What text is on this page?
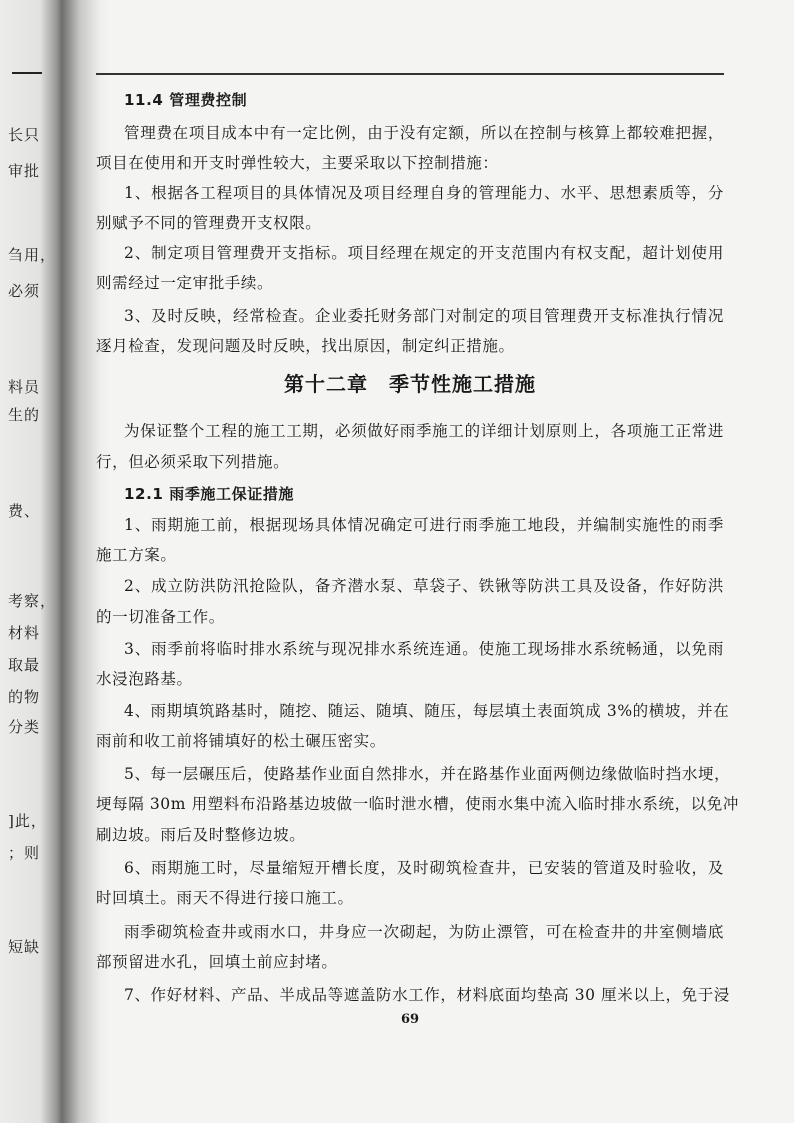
长只
审批
刍用，
必须
料员
生的
费、
考察，
材料
取最
的物
分类
]此，
；则
短缺
11.4 管理费控制
管理费在项目成本中有一定比例，由于没有定额，所以在控制与核算上都较难把握，
项目在使用和开支时弹性较大，主要采取以下控制措施：
1、根据各工程项目的具体情况及项目经理自身的管理能力、水平、思想素质等，分
别赋予不同的管理费开支权限。
2、制定项目管理费开支指标。项目经理在规定的开支范围内有权支配，超计划使用
则需经过一定审批手续。
3、及时反映，经常检查。企业委托财务部门对制定的项目管理费开支标准执行情况
逐月检查，发现问题及时反映，找出原因，制定纠正措施。
第十二章　季节性施工措施
为保证整个工程的施工工期，必须做好雨季施工的详细计划原则上，各项施工正常进
行，但必须采取下列措施。
12.1 雨季施工保证措施
1、雨期施工前，根据现场具体情况确定可进行雨季施工地段，并编制实施性的雨季
施工方案。
2、成立防洪防汛抢险队，备齐潜水泵、草袋子、铁锹等防洪工具及设备，作好防洪
的一切准备工作。
3、雨季前将临时排水系统与现况排水系统连通。使施工现场排水系统畅通，以免雨
水浸泡路基。
4、雨期填筑路基时，随挖、随运、随填、随压，每层填土表面筑成 3%的横坡，并在
雨前和收工前将铺填好的松土碾压密实。
5、每一层碾压后，使路基作业面自然排水，并在路基作业面两侧边缘做临时挡水埂，
埂每隔 30m 用塑料布沿路基边坡做一临时泄水槽，使雨水集中流入临时排水系统，以免冲
刷边坡。雨后及时整修边坡。
6、雨期施工时，尽量缩短开槽长度，及时砌筑检查井，已安装的管道及时验收，及
时回填土。雨天不得进行接口施工。
雨季砌筑检查井或雨水口，井身应一次砌起，为防止漂管，可在检查井的井室侧墙底
部预留进水孔，回填土前应封堵。
7、作好材料、产品、半成品等遮盖防水工作，材料底面均垫高 30 厘米以上，免于浸
69
